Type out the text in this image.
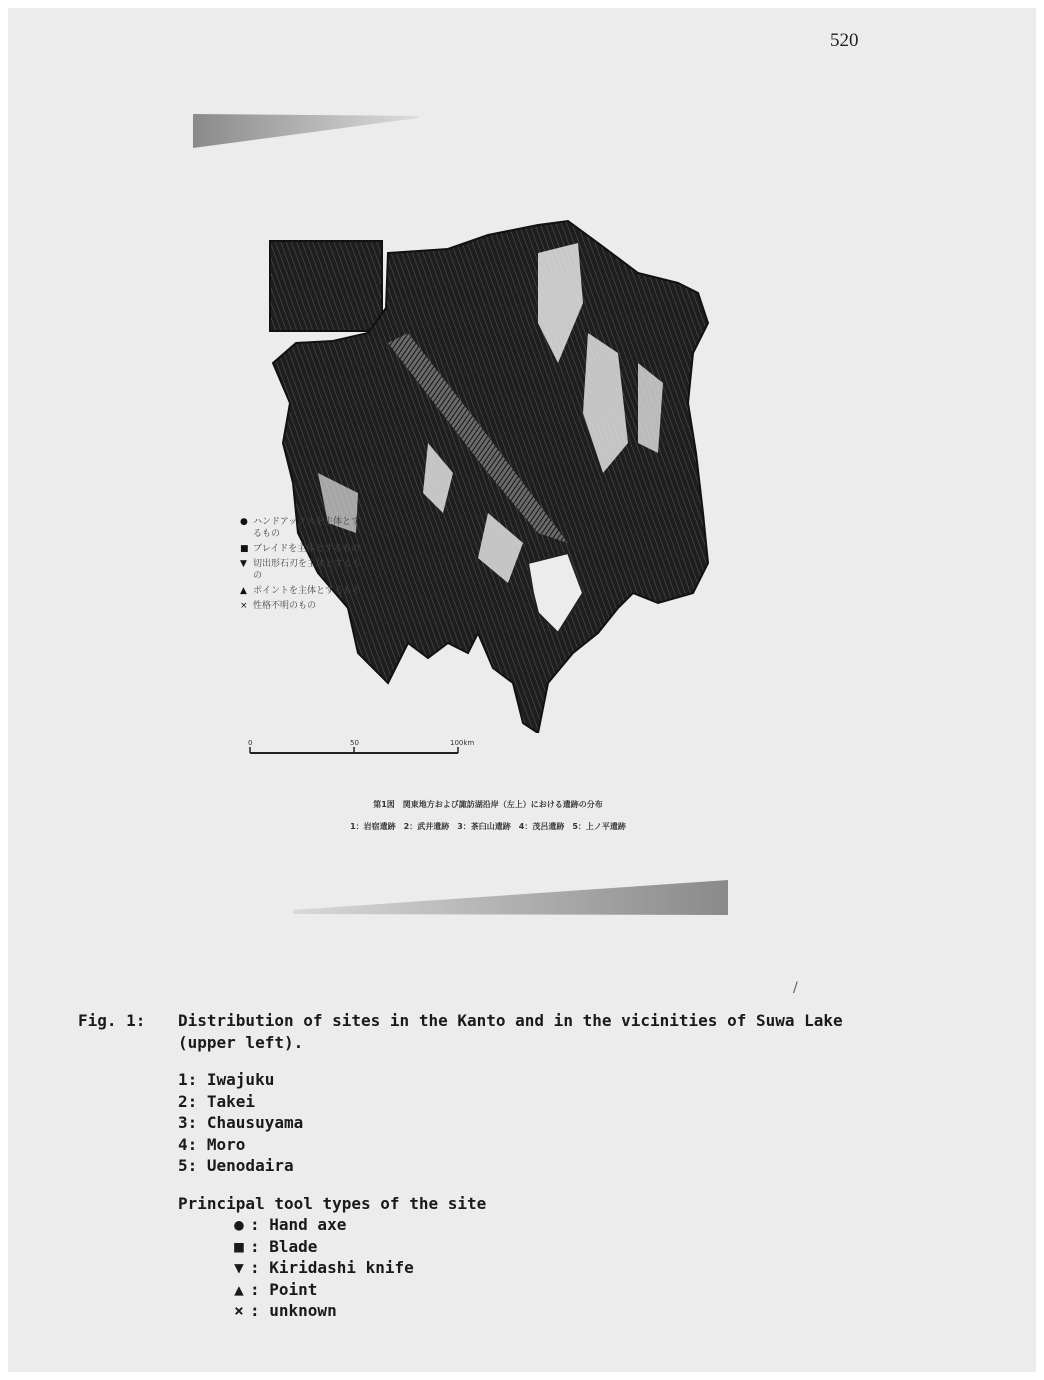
520
● ハンドアックスを主体とするもの
■ ブレイドを主体とするもの
▼ 切出形石刃を主体とするもの
▲ ポイントを主体とするもの
× 性格不明のもの
0	50	100km
第1図　関東地方および諏訪湖沿岸（左上）における遺跡の分布
1：岩宿遺跡　2：武井遺跡　3：茶臼山遺跡　4：茂呂遺跡　5：上ノ平遺跡
/
Fig. 1:	Distribution of sites in the Kanto and in the vicinities of Suwa Lake (upper left).
1: Iwajuku
2: Takei
3: Chausuyama
4: Moro
5: Uenodaira
Principal tool types of the site
● : Hand axe
■ : Blade
▼ : Kiridashi knife
▲ : Point
× : unknown
